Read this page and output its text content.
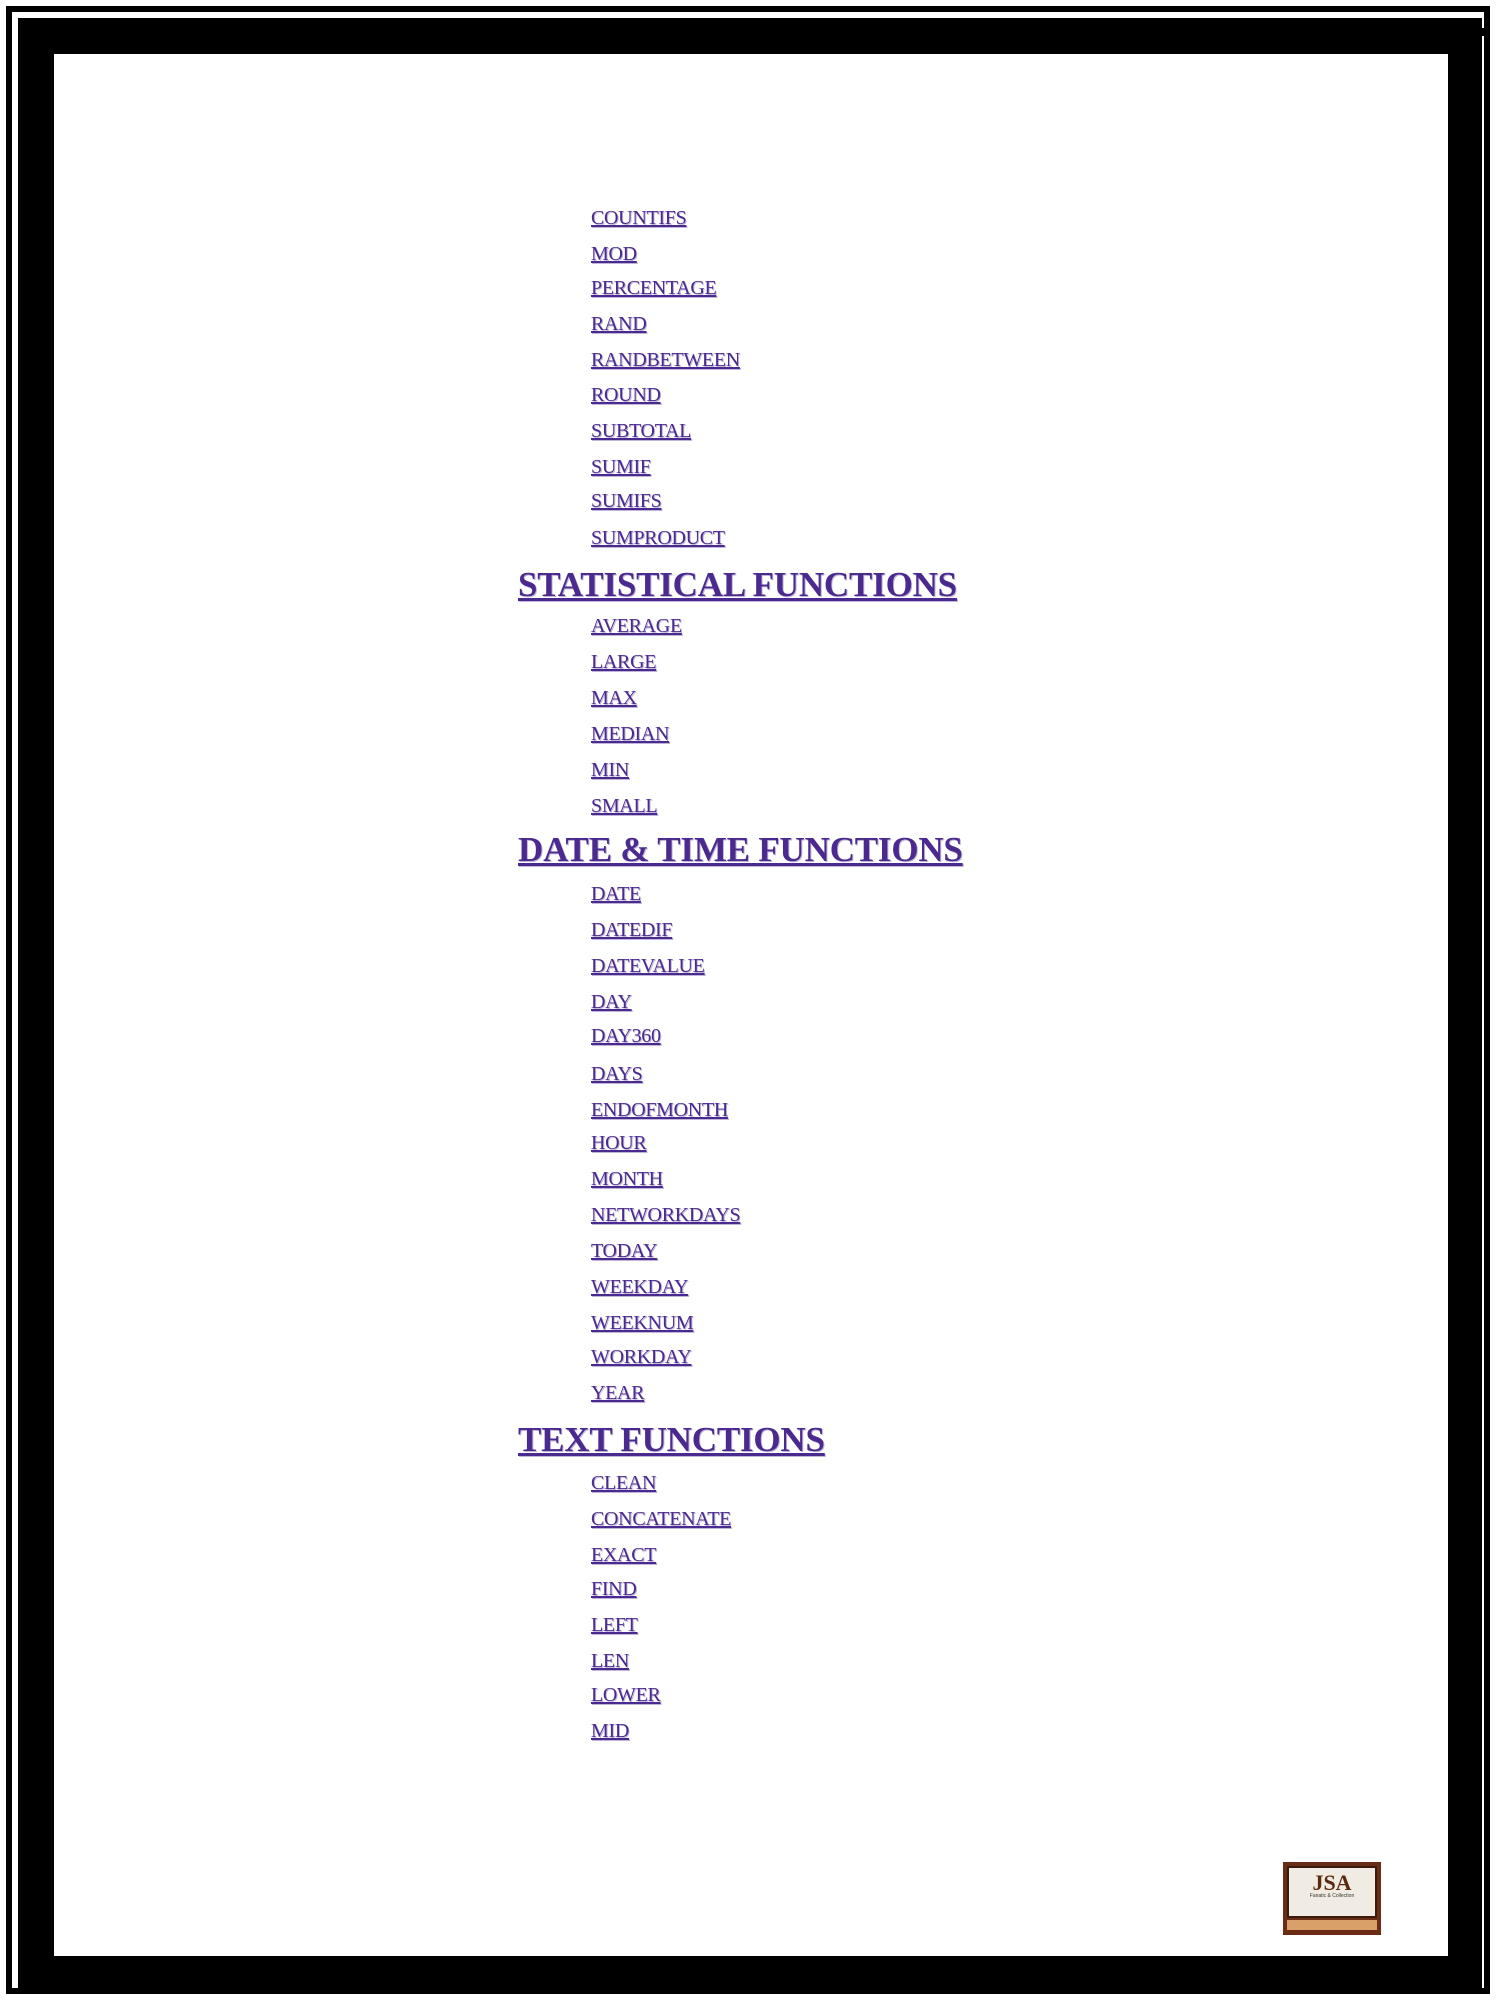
COUNTIFS
MOD
PERCENTAGE
RAND
RANDBETWEEN
ROUND
SUBTOTAL
SUMIF
SUMIFS
SUMPRODUCT
STATISTICAL FUNCTIONS
AVERAGE
LARGE
MAX
MEDIAN
MIN
SMALL
DATE & TIME FUNCTIONS
DATE
DATEDIF
DATEVALUE
DAY
DAY360
DAYS
ENDOFMONTH
HOUR
MONTH
NETWORKDAYS
TODAY
WEEKDAY
WEEKNUM
WORKDAY
YEAR
TEXT FUNCTIONS
CLEAN
CONCATENATE
EXACT
FIND
LEFT
LEN
LOWER
MID
JSA
Fanatic & Collection
